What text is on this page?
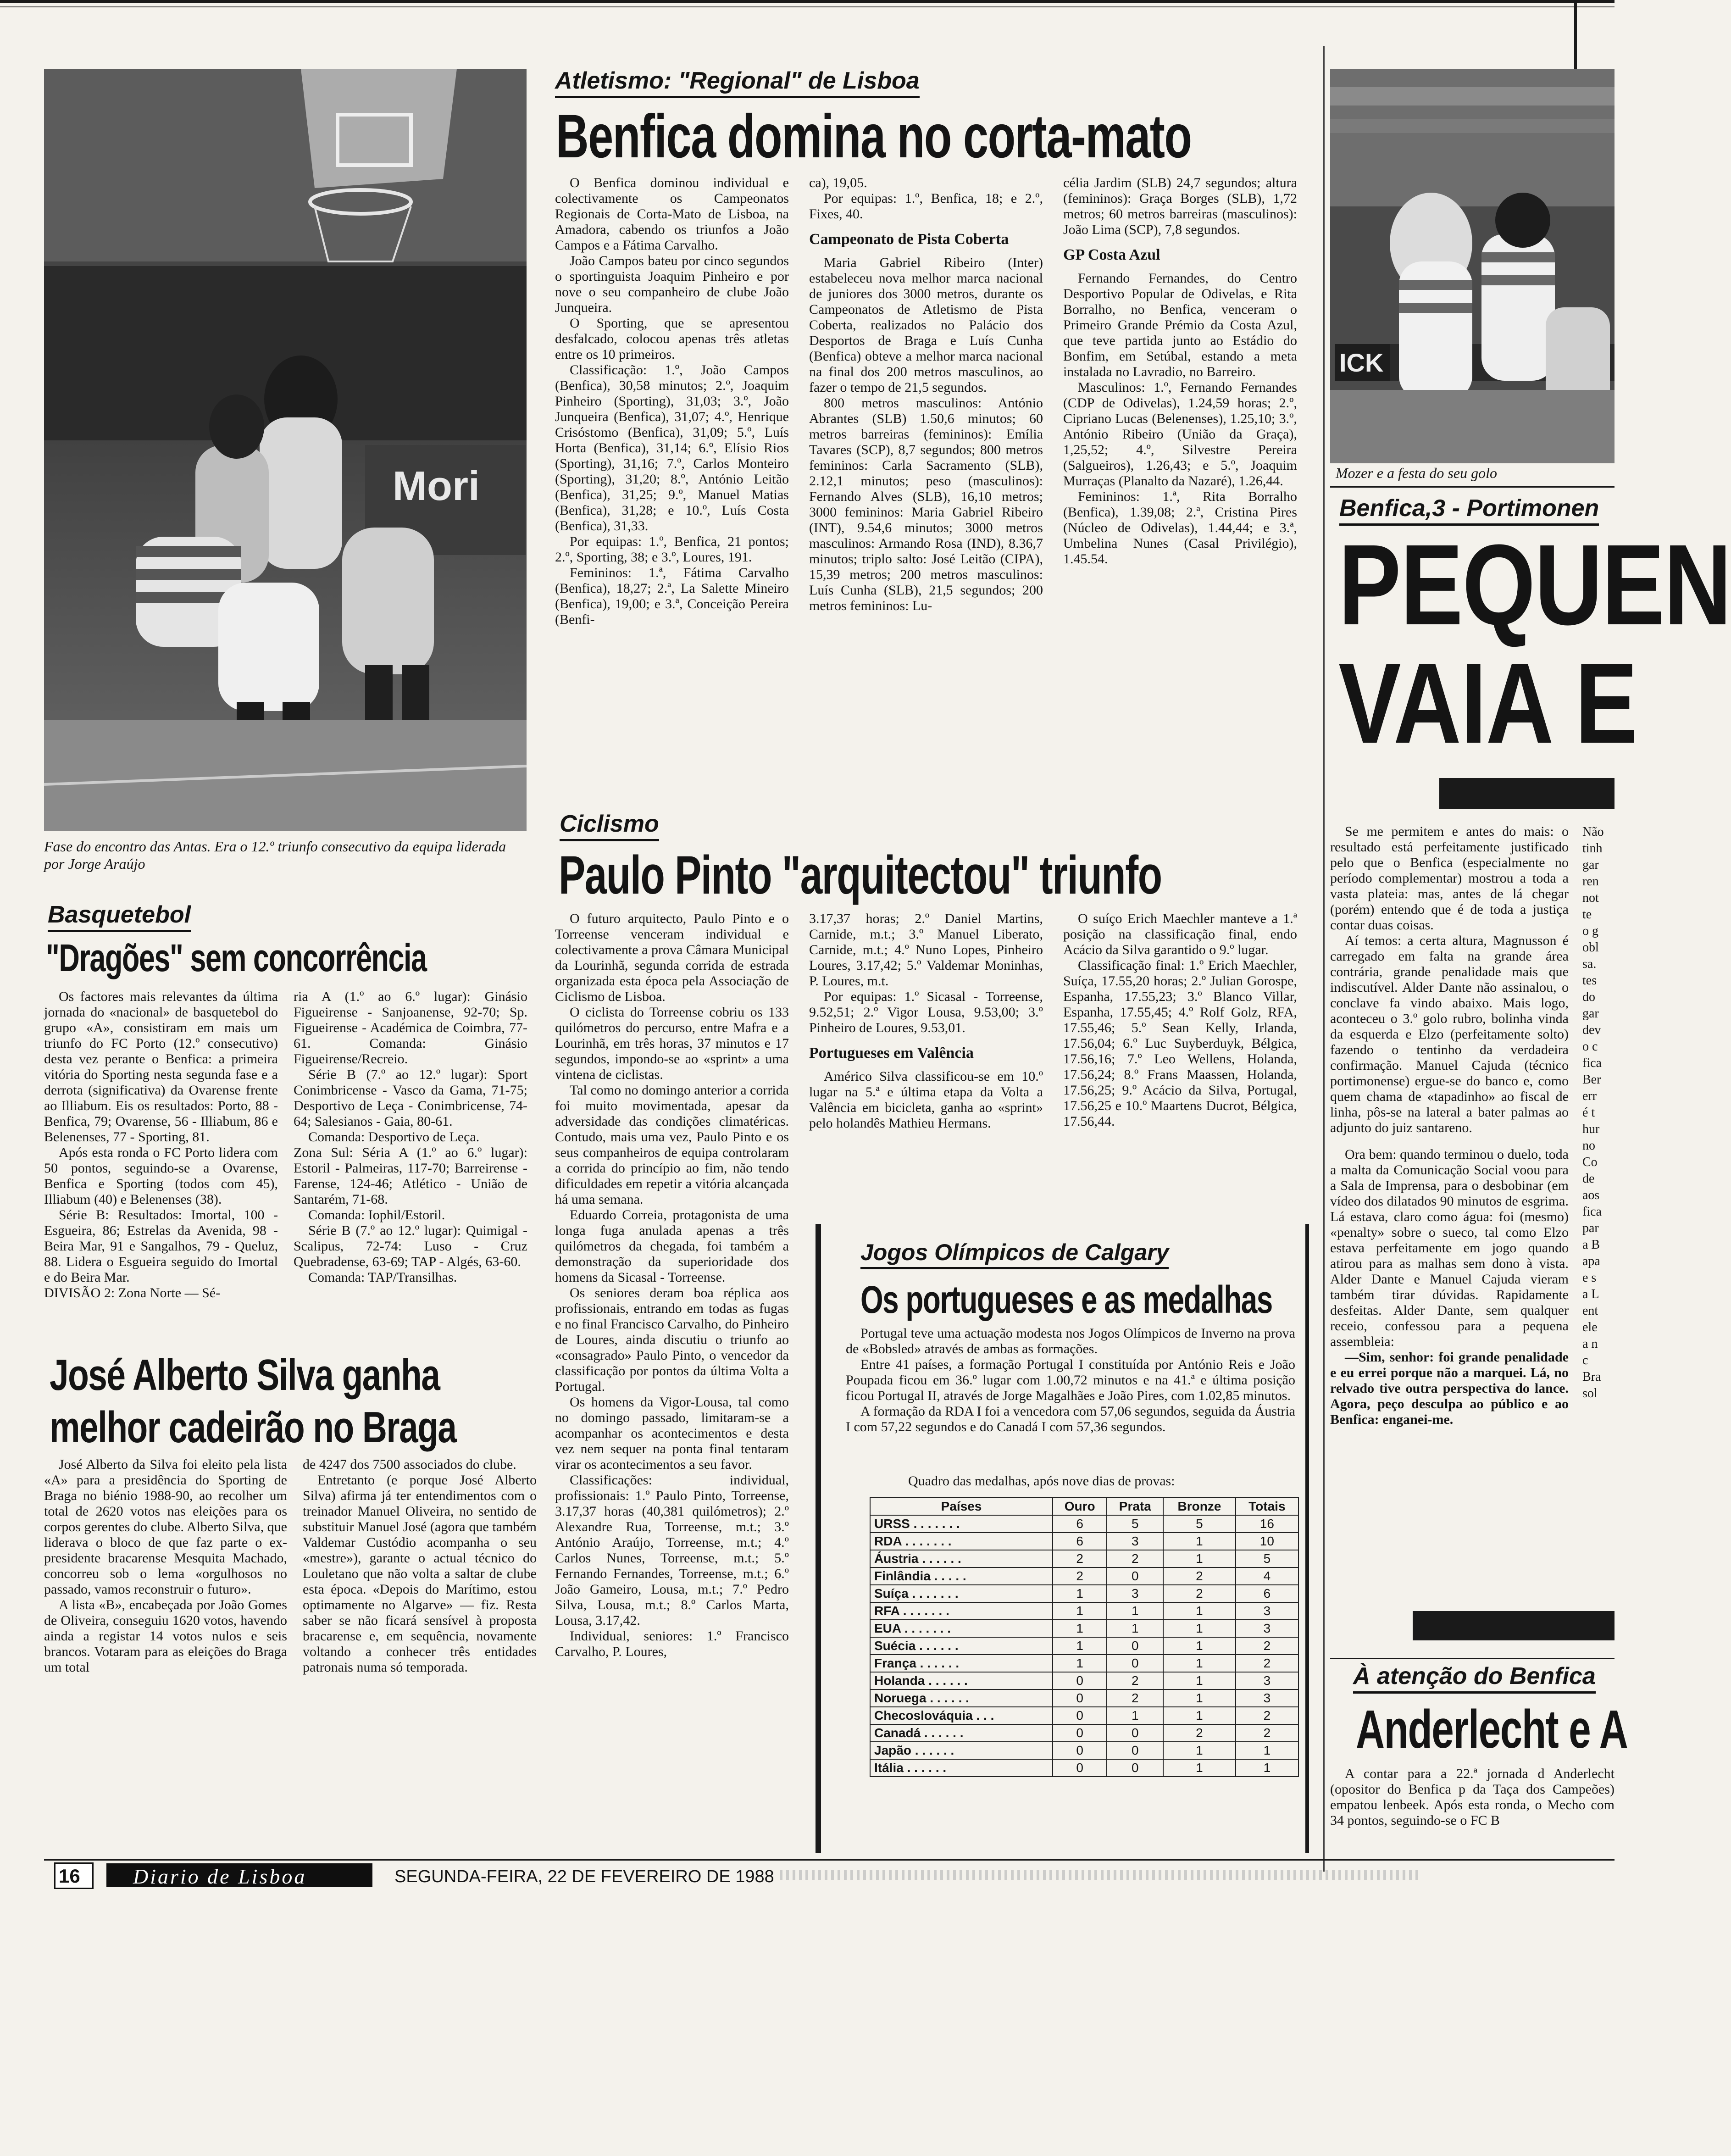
Mori
Fase do encontro das Antas. Era o 12.º triunfo consecutivo da equipa liderada por Jorge Araújo
Basquetebol
"Dragões" sem concorrência

Os factores mais relevantes da última jornada do «nacional» de basquetebol do grupo «A», consistiram em mais um triunfo do FC Porto (12.º consecutivo) desta vez perante o Benfica: a primeira vitória do Sporting nesta segunda fase e a derrota (significativa) da Ovarense frente ao Illiabum. Eis os resultados: Porto, 88 - Benfica, 79; Ovarense, 56 - Illiabum, 86 e Belenenses, 77 - Sporting, 81.

Após esta ronda o FC Porto lidera com 50 pontos, seguindo-se a Ovarense, Benfica e Sporting (todos com 45), Illiabum (40) e Belenenses (38).

Série B: Resultados: Imortal, 100 - Esgueira, 86; Estrelas da Avenida, 98 - Beira Mar, 91 e Sangalhos, 79 - Queluz, 88. Lidera o Esgueira seguido do Imortal e do Beira Mar.

DIVISÃO 2: Zona Norte — Sé-

ria A (1.º ao 6.º lugar): Ginásio Figueirense - Sanjoanense, 92-70; Sp. Figueirense - Académica de Coimbra, 77-61. Comanda: Ginásio Figueirense/Recreio.

Série B (7.º ao 12.º lugar): Sport Conimbricense - Vasco da Gama, 71-75; Desportivo de Leça - Conimbricense, 74-64; Salesianos - Gaia, 80-61.

Comanda: Desportivo de Leça.

Zona Sul: Séria A (1.º ao 6.º lugar): Estoril - Palmeiras, 117-70; Barreirense -Farense, 124-46; Atlético - União de Santarém, 71-68.

Comanda: Iophil/Estoril.

Série B (7.º ao 12.º lugar): Quimigal - Scalipus, 72-74: Luso - Cruz Quebradense, 63-69; TAP - Algés, 63-60.

Comanda: TAP/Transilhas.

José Alberto Silva ganha
melhor cadeirão no Braga

José Alberto da Silva foi eleito pela lista «A» para a presidência do Sporting de Braga no biénio 1988-90, ao recolher um total de 2620 votos nas eleições para os corpos gerentes do clube. Alberto Silva, que liderava o bloco de que faz parte o ex-presidente bracarense Mesquita Machado, concorreu sob o lema «orgulhosos no passado, vamos reconstruir o futuro».

A lista «B», encabeçada por João Gomes de Oliveira, conseguiu 1620 votos, havendo ainda a registar 14 votos nulos e seis brancos. Votaram para as eleições do Braga um total

de 4247 dos 7500 associados do clube.

Entretanto (e porque José Alberto Silva) afirma já ter entendimentos com o treinador Manuel Oliveira, no sentido de substituir Manuel José (agora que também Valdemar Custódio acompanha o seu «mestre»), garante o actual técnico do Louletano que não volta a saltar de clube esta época. «Depois do Marítimo, estou optimamente no Algarve» — fiz. Resta saber se não ficará sensível à proposta bracarense e, em sequência, novamente voltando a conhecer três entidades patronais numa só temporada.

Atletismo: "Regional" de Lisboa
Benfica domina no corta-mato

O Benfica dominou individual e colectivamente os Campeonatos Regionais de Corta-Mato de Lisboa, na Amadora, cabendo os triunfos a João Campos e a Fátima Carvalho.

João Campos bateu por cinco segundos o sportinguista Joaquim Pinheiro e por nove o seu companheiro de clube João Junqueira.

O Sporting, que se apresentou desfalcado, colocou apenas três atletas entre os 10 primeiros.

Classificação: 1.º, João Campos (Benfica), 30,58 minutos; 2.º, Joaquim Pinheiro (Sporting), 31,03; 3.º, João Junqueira (Benfica), 31,07; 4.º, Henrique Crisóstomo (Benfica), 31,09; 5.º, Luís Horta (Benfica), 31,14; 6.º, Elísio Rios (Sporting), 31,16; 7.º, Carlos Monteiro (Sporting), 31,20; 8.º, António Leitão (Benfica), 31,25; 9.º, Manuel Matias (Benfica), 31,28; e 10.º, Luís Costa (Benfica), 31,33.

Por equipas: 1.º, Benfica, 21 pontos; 2.º, Sporting, 38; e 3.º, Loures, 191.

Femininos: 1.ª, Fátima Carvalho (Benfica), 18,27; 2.ª, La Salette Mineiro (Benfica), 19,00; e 3.ª, Conceição Pereira (Benfi-

ca), 19,05.

Por equipas: 1.º, Benfica, 18; e 2.º, Fixes, 40.

Campeonato de Pista Coberta

Maria Gabriel Ribeiro (Inter) estabeleceu nova melhor marca nacional de juniores dos 3000 metros, durante os Campeonatos de Atletismo de Pista Coberta, realizados no Palácio dos Desportos de Braga e Luís Cunha (Benfica) obteve a melhor marca nacional na final dos 200 metros masculinos, ao fazer o tempo de 21,5 segundos.

800 metros masculinos: António Abrantes (SLB) 1.50,6 minutos; 60 metros barreiras (femininos): Emília Tavares (SCP), 8,7 segundos; 800 metros femininos: Carla Sacramento (SLB), 2.12,1 minutos; peso (masculinos): Fernando Alves (SLB), 16,10 metros; 3000 femininos: Maria Gabriel Ribeiro (INT), 9.54,6 minutos; 3000 metros masculinos: Armando Rosa (IND), 8.36,7 minutos; triplo salto: José Leitão (CIPA), 15,39 metros; 200 metros masculinos: Luís Cunha (SLB), 21,5 segundos; 200 metros femininos: Lu-

célia Jardim (SLB) 24,7 segundos; altura (femininos): Graça Borges (SLB), 1,72 metros; 60 metros barreiras (masculinos): João Lima (SCP), 7,8 segundos.

GP Costa Azul

Fernando Fernandes, do Centro Desportivo Popular de Odivelas, e Rita Borralho, no Benfica, venceram o Primeiro Grande Prémio da Costa Azul, que teve partida junto ao Estádio do Bonfim, em Setúbal, estando a meta instalada no Lavradio, no Barreiro.

Masculinos: 1.º, Fernando Fernandes (CDP de Odivelas), 1.24,59 horas; 2.º, Cipriano Lucas (Belenenses), 1.25,10; 3.º, António Ribeiro (União da Graça), 1,25,52; 4.º, Silvestre Pereira (Salgueiros), 1.26,43; e 5.º, Joaquim Murraças (Planalto da Nazaré), 1.26,44.

Femininos: 1.ª, Rita Borralho (Benfica), 1.39,08; 2.ª, Cristina Pires (Núcleo de Odivelas), 1.44,44; e 3.ª, Umbelina Nunes (Casal Privilégio), 1.45.54.

Ciclismo
Paulo Pinto "arquitectou" triunfo

O futuro arquitecto, Paulo Pinto e o Torreense venceram individual e colectivamente a prova Câmara Municipal da Lourinhã, segunda corrida de estrada organizada esta época pela Associação de Ciclismo de Lisboa.

O ciclista do Torreense cobriu os 133 quilómetros do percurso, entre Mafra e a Lourinhã, em três horas, 37 minutos e 17 segundos, impondo-se ao «sprint» a uma vintena de ciclistas.

Tal como no domingo anterior a corrida foi muito movimentada, apesar da adversidade das condições climatéricas. Contudo, mais uma vez, Paulo Pinto e os seus companheiros de equipa controlaram a corrida do princípio ao fim, não tendo dificuldades em repetir a vitória alcançada há uma semana.

Eduardo Correia, protagonista de uma longa fuga anulada apenas a três quilómetros da chegada, foi também a demonstração da superioridade dos homens da Sicasal - Torreense.

Os seniores deram boa réplica aos profissionais, entrando em todas as fugas e no final Francisco Carvalho, do Pinheiro de Loures, ainda discutiu o triunfo ao «consagrado» Paulo Pinto, o vencedor da classificação por pontos da última Volta a Portugal.

Os homens da Vigor-Lousa, tal como no domingo passado, limitaram-se a acompanhar os acontecimentos e desta vez nem sequer na ponta final tentaram virar os acontecimentos a seu favor.

Classificações: individual, profissionais: 1.º Paulo Pinto, Torreense, 3.17,37 horas (40,381 quilómetros); 2.º Alexandre Rua, Torreense, m.t.; 3.º António Araújo, Torreense, m.t.; 4.º Carlos Nunes, Torreense, m.t.; 5.º Fernando Fernandes, Torreense, m.t.; 6.º João Gameiro, Lousa, m.t.; 7.º Pedro Silva, Lousa, m.t.; 8.º Carlos Marta, Lousa, 3.17,42.

Individual, seniores: 1.º Francisco Carvalho, P. Loures,

3.17,37 horas; 2.º Daniel Martins, Carnide, m.t.; 3.º Manuel Liberato, Carnide, m.t.; 4.º Nuno Lopes, Pinheiro Loures, 3.17,42; 5.º Valdemar Moninhas, P. Loures, m.t.

Por equipas: 1.º Sicasal - Torreense, 9.52,51; 2.º Vigor Lousa, 9.53,00; 3.º Pinheiro de Loures, 9.53,01.

Portugueses em Valência

Américo Silva classificou-se em 10.º lugar na 5.ª e última etapa da Volta a Valência em bicicleta, ganha ao «sprint» pelo holandês Mathieu Hermans.

O suíço Erich Maechler manteve a 1.ª posição na classificação final, endo Acácio da Silva garantido o 9.º lugar.

Classificação final: 1.º Erich Maechler, Suíça, 17.55,20 horas; 2.º Julian Gorospe, Espanha, 17.55,23; 3.º Blanco Villar, Espanha, 17.55,45; 4.º Rolf Golz, RFA, 17.55,46; 5.º Sean Kelly, Irlanda, 17.56,04; 6.º Luc Suyberduyk, Bélgica, 17.56,16; 7.º Leo Wellens, Holanda, 17.56,24; 8.º Frans Maassen, Holanda, 17.56,25; 9.º Acácio da Silva, Portugal, 17.56,25 e 10.º Maartens Ducrot, Bélgica, 17.56,44.

Jogos Olímpicos de Calgary
Os portugueses e as medalhas

Portugal teve uma actuação modesta nos Jogos Olímpicos de Inverno na prova de «Bobsled» através de ambas as formações.

Entre 41 países, a formação Portugal I constituída por António Reis e João Poupada ficou em 36.º lugar com 1.00,72 minutos e na 41.ª e última posição ficou Portugal II, através de Jorge Magalhães e João Pires, com 1.02,85 minutos.

A formação da RDA I foi a vencedora com 57,06 segundos, seguida da Áustria I com 57,22 segundos e do Canadá I com 57,36 segundos.

Quadro das medalhas, após nove dias de provas:
Países	Ouro	Prata	Bronze	Totais
URSS . . . . . . .	6	5	5	16
RDA . . . . . . .	6	3	1	10
Áustria . . . . . .	2	2	1	5
Finlândia . . . . .	2	0	2	4
Suíça . . . . . . .	1	3	2	6
RFA . . . . . . .	1	1	1	3
EUA . . . . . . .	1	1	1	3
Suécia . . . . . .	1	0	1	2
França . . . . . .	1	0	1	2
Holanda . . . . . .	0	2	1	3
Noruega . . . . . .	0	2	1	3
Checoslováquia . . .	0	1	1	2
Canadá . . . . . .	0	0	2	2
Japão . . . . . .	0	0	1	1
Itália . . . . . .	0	0	1	1
ICK
Mozer e a festa do seu golo
Benfica,3 - Portimonen
PEQUEN
VAIA E

Se me permitem e antes do mais: o resultado está perfeitamente justificado pelo que o Benfica (especialmente no período complementar) mostrou a toda a vasta plateia: mas, antes de lá chegar (porém) entendo que é de toda a justiça contar duas coisas.

Aí temos: a certa altura, Magnusson é carregado em falta na grande área contrária, grande penalidade mais que indiscutível. Alder Dante não assinalou, o conclave fa vindo abaixo. Mais logo, aconteceu o 3.º golo rubro, bolinha vinda da esquerda e Elzo (perfeitamente solto) fazendo o tentinho da verdadeira confirmação. Manuel Cajuda (técnico portimonense) ergue-se do banco e, como quem chama de «tapadinho» ao fiscal de linha, pôs-se na lateral a bater palmas ao adjunto do juiz santareno.

Ora bem: quando terminou o duelo, toda a malta da Comunicação Social voou para a Sala de Imprensa, para o desbobinar (em vídeo dos dilatados 90 minutos de esgrima. Lá estava, claro como água: foi (mesmo) «penalty» sobre o sueco, tal como Elzo estava perfeitamente em jogo quando atirou para as malhas sem dono à vista. Alder Dante e Manuel Cajuda vieram também tirar dúvidas. Rapidamente desfeitas. Alder Dante, sem qualquer receio, confessou para a pequena assembleia:

—Sim, senhor: foi grande penalidade e eu errei porque não a marquei. Lá, no relvado tive outra perspectiva do lance. Agora, peço desculpa ao público e ao Benfica: enganei-me.

Não
tinh
gar
ren
not
te
o g
obl
sa.
tes
do
gar
dev
o c
fica
Ber
err
é t
hur
no
Co
de
aos
fica
par
a B
apa
e s
a L
ent
ele
a n
c
Bra
sol
À atenção do Benfica
Anderlecht e A

A contar para a 22.ª jornada d Anderlecht (opositor do Benfica p da Taça dos Campeões) empatou lenbeek. Após esta ronda, o Mecho com 34 pontos, seguindo-se o FC B

16	Diario de Lisboa	SEGUNDA-FEIRA, 22 DE FEVEREIRO DE 1988
